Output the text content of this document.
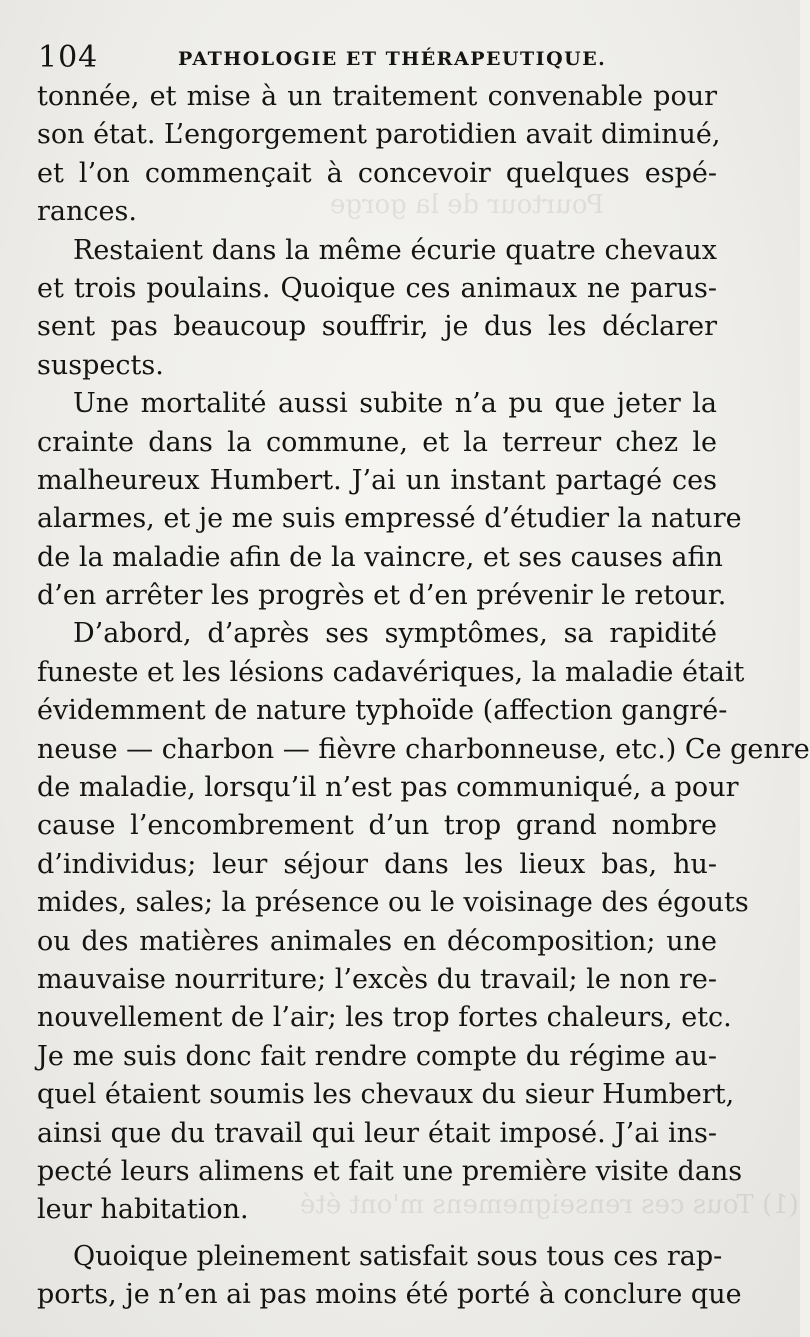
Pourtour de la gorge
(1) Tous ces renseignemens m'ont été
104	PATHOLOGIE ET THÉRAPEUTIQUE.
tonnée, et mise à un traitement convenable pour
son état. L’engorgement parotidien avait diminué,
et l’on commençait à concevoir quelques espé-
rances.
Restaient dans la même écurie quatre chevaux
et trois poulains. Quoique ces animaux ne parus-
sent pas beaucoup souffrir, je dus les déclarer
suspects.
Une mortalité aussi subite n’a pu que jeter la
crainte dans la commune, et la terreur chez le
malheureux Humbert. J’ai un instant partagé ces
alarmes, et je me suis empressé d’étudier la nature
de la maladie afin de la vaincre, et ses causes afin
d’en arrêter les progrès et d’en prévenir le retour.
D’abord, d’après ses symptômes, sa rapidité
funeste et les lésions cadavériques, la maladie était
évidemment de nature typhoïde (affection gangré-
neuse — charbon — fièvre charbonneuse, etc.) Ce genre
de maladie, lorsqu’il n’est pas communiqué, a pour
cause l’encombrement d’un trop grand nombre
d’individus; leur séjour dans les lieux bas, hu-
mides, sales; la présence ou le voisinage des égouts
ou des matières animales en décomposition; une
mauvaise nourriture; l’excès du travail; le non re-
nouvellement de l’air; les trop fortes chaleurs, etc.
Je me suis donc fait rendre compte du régime au-
quel étaient soumis les chevaux du sieur Humbert,
ainsi que du travail qui leur était imposé. J’ai ins-
pecté leurs alimens et fait une première visite dans
leur habitation.
Quoique pleinement satisfait sous tous ces rap-
ports, je n’en ai pas moins été porté à conclure que
